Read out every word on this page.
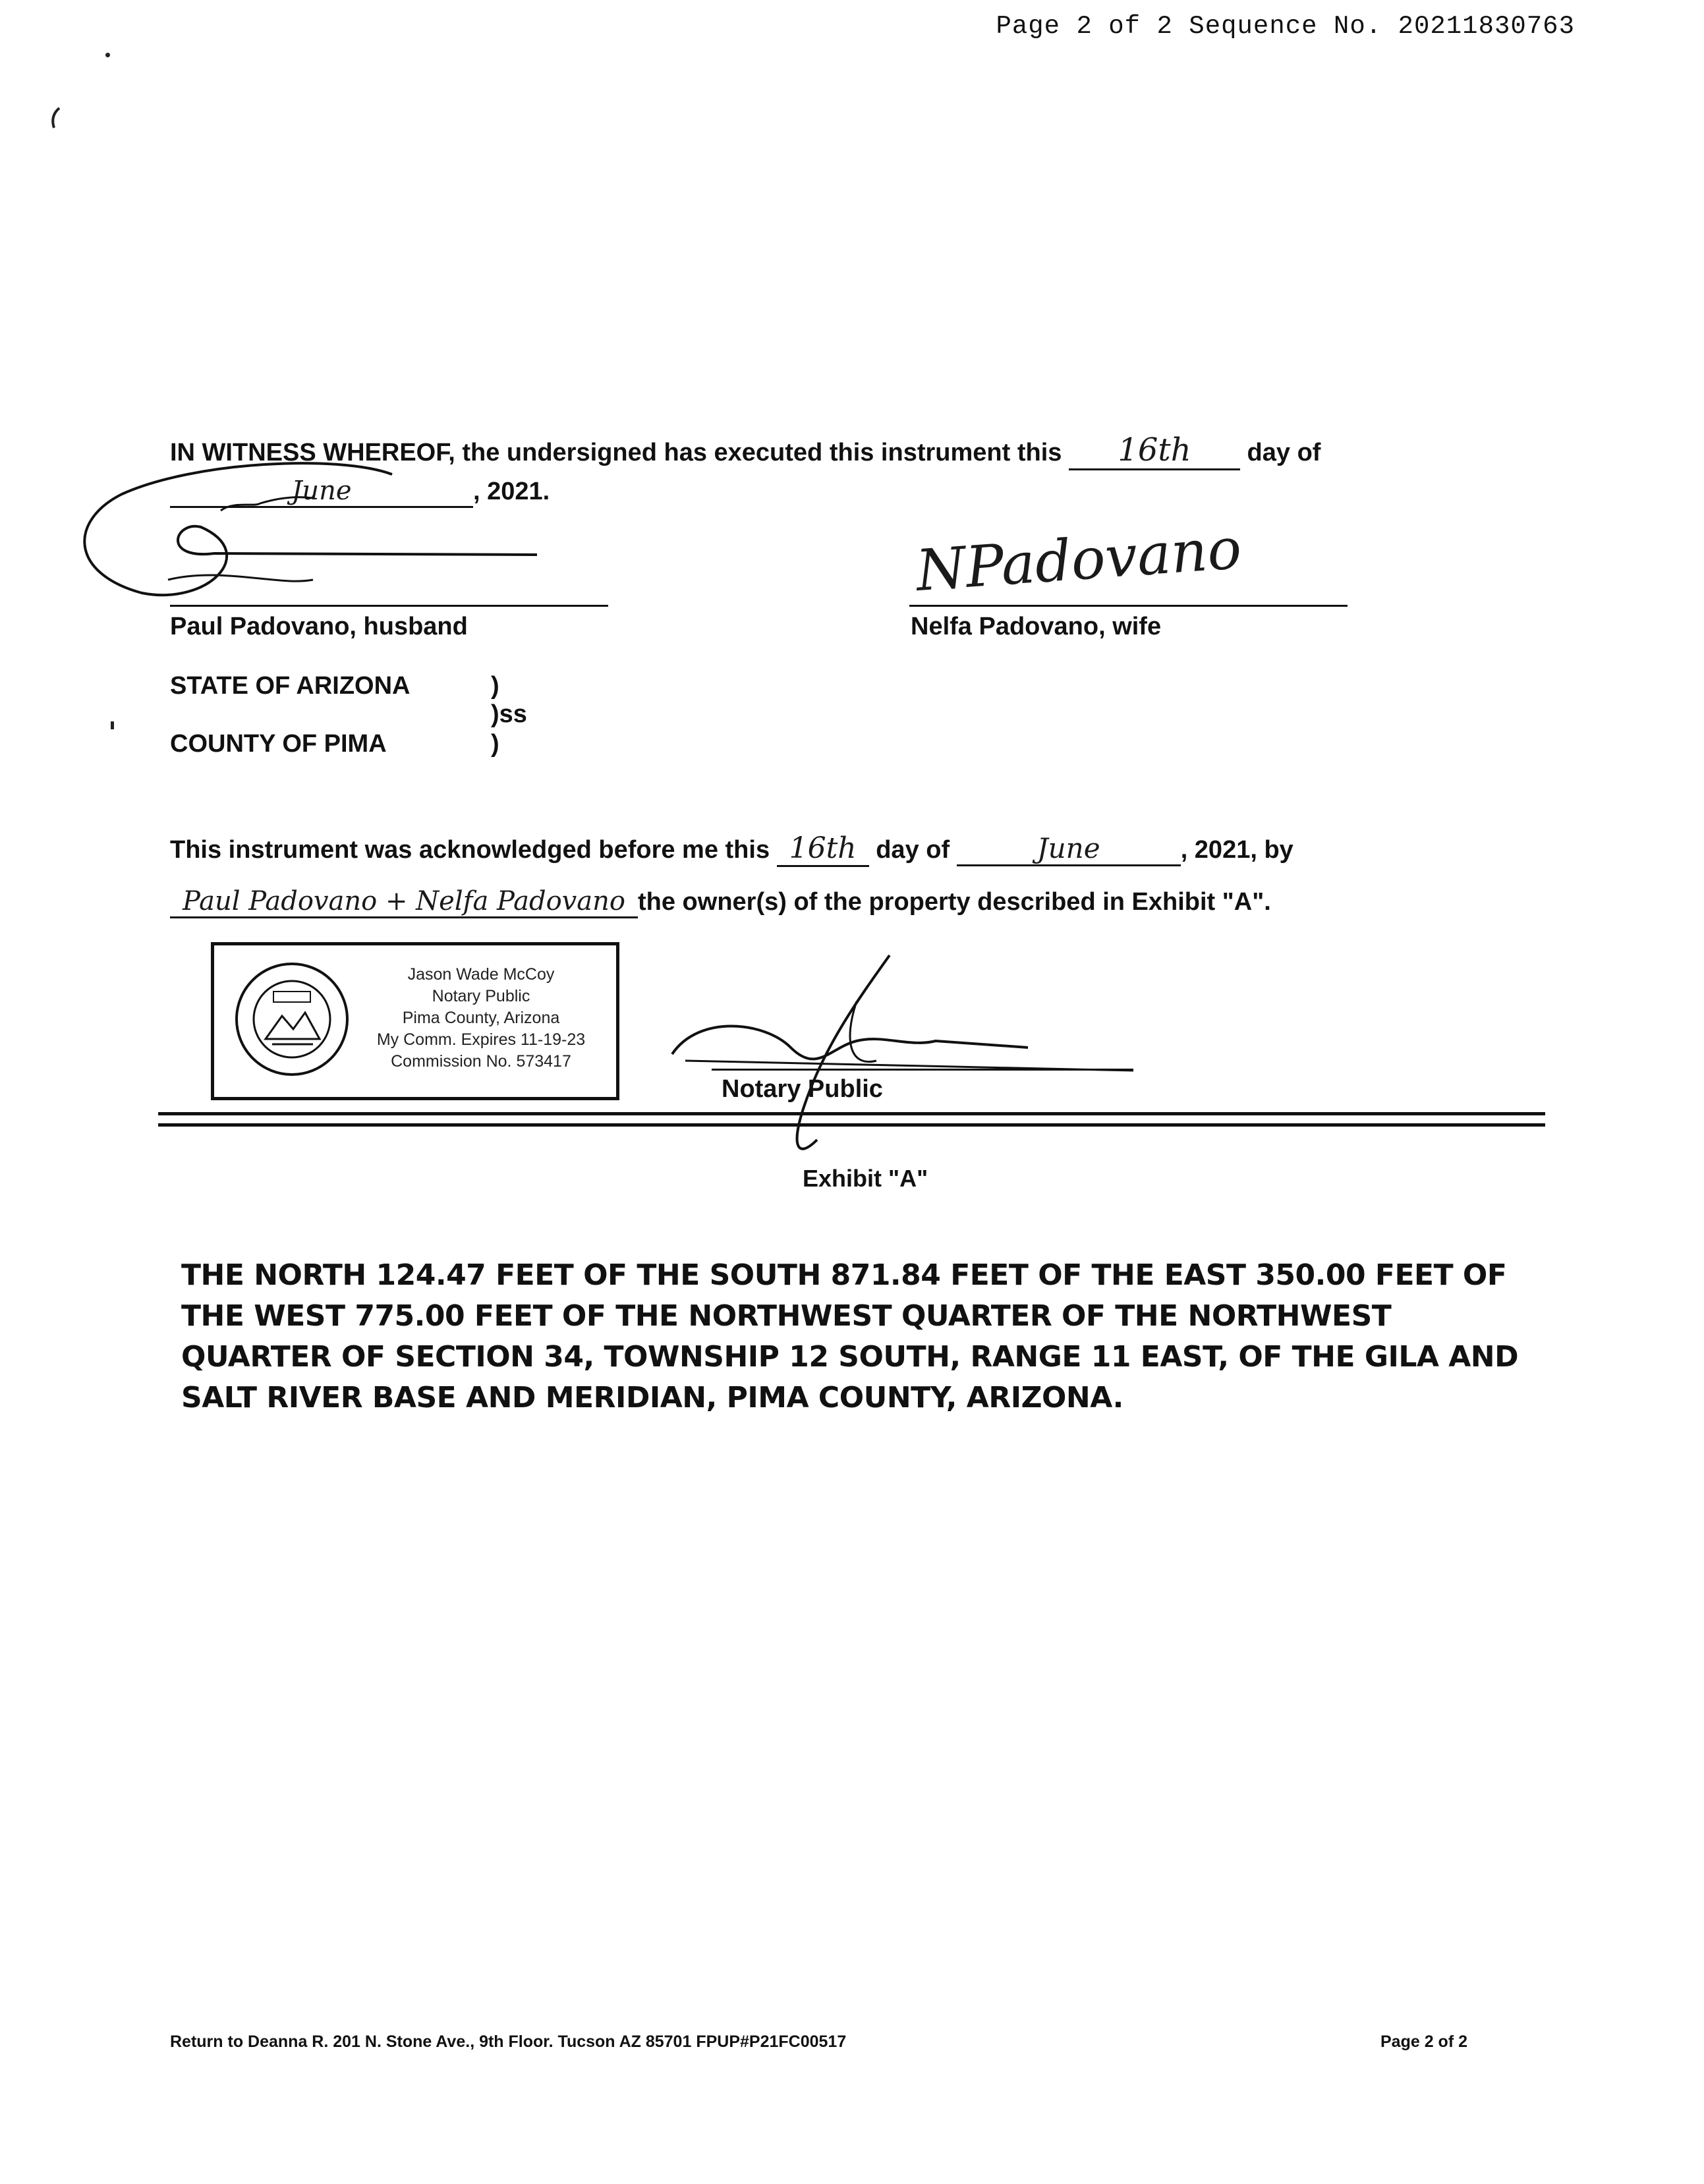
Page 2 of 2 Sequence No. 20211830763
IN WITNESS WHEREOF, the undersigned has executed this instrument this 16th day of
June	, 2021.
NPadovano
Paul Padovano, husband	Nelfa Padovano, wife
STATE OF ARIZONA	)
)ss
COUNTY OF PIMA	)
This instrument was acknowledged before me this 16th day of	June	, 2021, by
Paul Padovano + Nelfa Padovano the owner(s) of the property described in Exhibit "A".
Jason Wade McCoy
Notary Public
Pima County, Arizona
My Comm. Expires 11-19-23
Commission No. 573417
Notary Public
Exhibit "A"
THE NORTH 124.47 FEET OF THE SOUTH 871.84 FEET OF THE EAST 350.00 FEET OF THE WEST 775.00 FEET OF THE NORTHWEST QUARTER OF THE NORTHWEST QUARTER OF SECTION 34, TOWNSHIP 12 SOUTH, RANGE 11 EAST, OF THE GILA AND SALT RIVER BASE AND MERIDIAN, PIMA COUNTY, ARIZONA.
Return to Deanna R. 201 N. Stone Ave., 9th Floor. Tucson AZ 85701 FPUP#P21FC00517	Page 2 of 2
